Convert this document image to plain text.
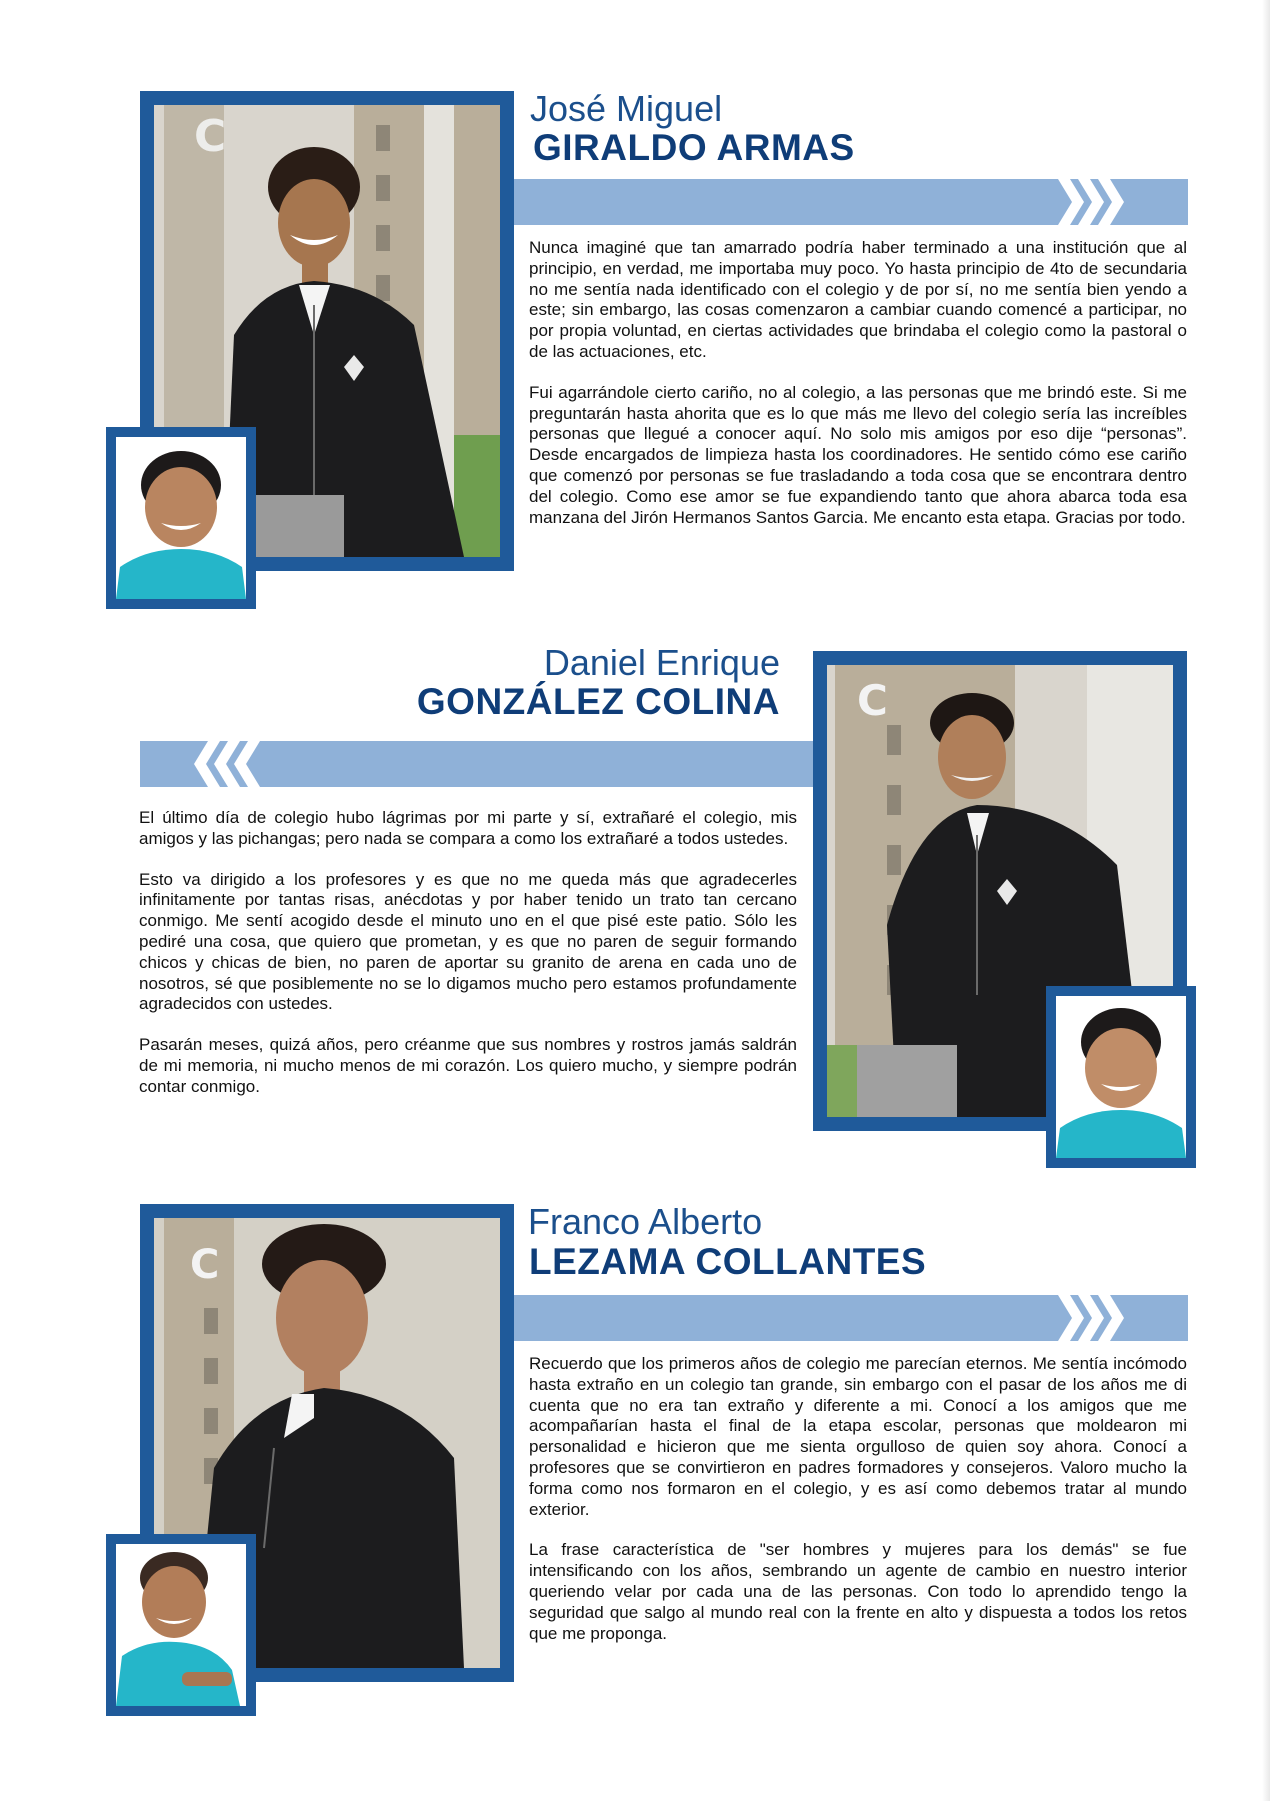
C
José Miguel
GIRALDO ARMAS

Nunca imaginé que tan amarrado podría haber terminado a una institución que al principio, en verdad, me importaba muy poco. Yo hasta principio de 4to de secundaria no me sentía nada identificado con el colegio y de por sí, no me sentía bien yendo a este; sin embargo, las cosas comenzaron a cambiar cuando comencé a participar, no por propia voluntad, en ciertas actividades que brindaba el colegio como la pastoral o de las actuaciones, etc.

Fui agarrándole cierto cariño, no al colegio, a las personas que me brindó este. Si me preguntarán hasta ahorita que es lo que más me llevo del colegio sería las increíbles personas que llegué a conocer aquí. No solo mis amigos por eso dije “personas”. Desde encargados de limpieza hasta los coordinadores. He sentido cómo ese cariño que comenzó por personas se fue trasladando a toda cosa que se encontrara dentro del colegio. Como ese amor se fue expandiendo tanto que ahora abarca toda esa manzana del Jirón Hermanos Santos Garcia. Me encanto esta etapa. Gracias por todo.

Daniel Enrique
GONZÁLEZ COLINA

El último día de colegio hubo lágrimas por mi parte y sí, extrañaré el colegio, mis amigos y las pichangas; pero nada se compara a como los extrañaré a todos ustedes.

Esto va dirigido a los profesores y es que no me queda más que agradecerles infinitamente por tantas risas, anécdotas y por haber tenido un trato tan cercano conmigo. Me sentí acogido desde el minuto uno en el que pisé este patio. Sólo les pediré una cosa, que quiero que prometan, y es que no paren de seguir formando chicos y chicas de bien, no paren de aportar su granito de arena en cada uno de nosotros, sé que posiblemente no se lo digamos mucho pero estamos profundamente agradecidos con ustedes.

Pasarán meses, quizá años, pero créanme que sus nombres y rostros jamás saldrán de mi memoria, ni mucho menos de mi corazón. Los quiero mucho, y siempre podrán contar conmigo.

C
C
Franco Alberto
LEZAMA COLLANTES

Recuerdo que los primeros años de colegio me parecían eternos. Me sentía incómodo hasta extraño en un colegio tan grande, sin embargo con el pasar de los años me di cuenta que no era tan extraño y diferente a mi. Conocí a los amigos que me acompañarían hasta el final de la etapa escolar, personas que moldearon mi personalidad e hicieron que me sienta orgulloso de quien soy ahora. Conocí a profesores que se convirtieron en padres formadores y consejeros. Valoro mucho la forma como nos formaron en el colegio, y es así como debemos tratar al mundo exterior.

La frase característica de "ser hombres y mujeres para los demás" se fue intensificando con los años, sembrando un agente de cambio en nuestro interior queriendo velar por cada una de las personas. Con todo lo aprendido tengo la seguridad que salgo al mundo real con la frente en alto y dispuesta a todos los retos que me proponga.
